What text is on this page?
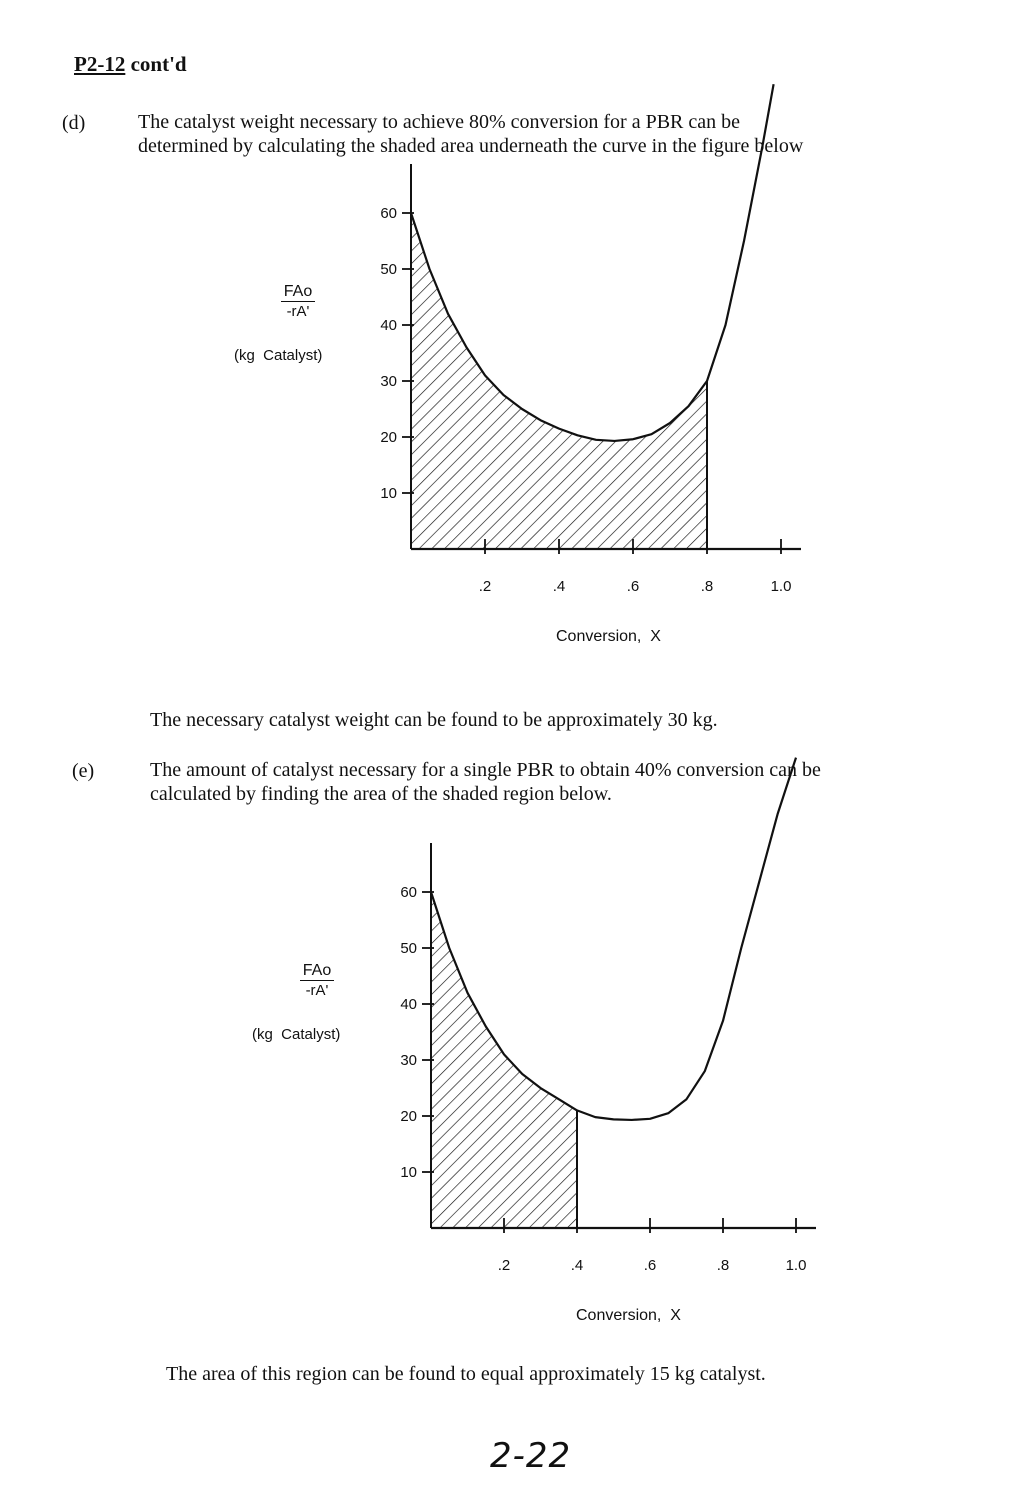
P2-12 cont'd
(d)	The catalyst weight necessary to achieve 80% conversion for a PBR can be
determined by calculating the shaded area underneath the curve in the figure below
10
20
30
40
50
60
.2	.4	.6	.8	1.0
FAo
-rA'
(kg  Catalyst)
Conversion,  X
The necessary catalyst weight can be found to be approximately 30 kg.
(e)	The amount of catalyst necessary for a single PBR to obtain 40% conversion can be
calculated by finding the area of the shaded region below.
10
20
30
40
50
60
.2	.4	.6	.8	1.0
FAo
-rA'
(kg  Catalyst)
Conversion,  X
The area of this region can be found to equal approximately 15 kg catalyst.
2-22
